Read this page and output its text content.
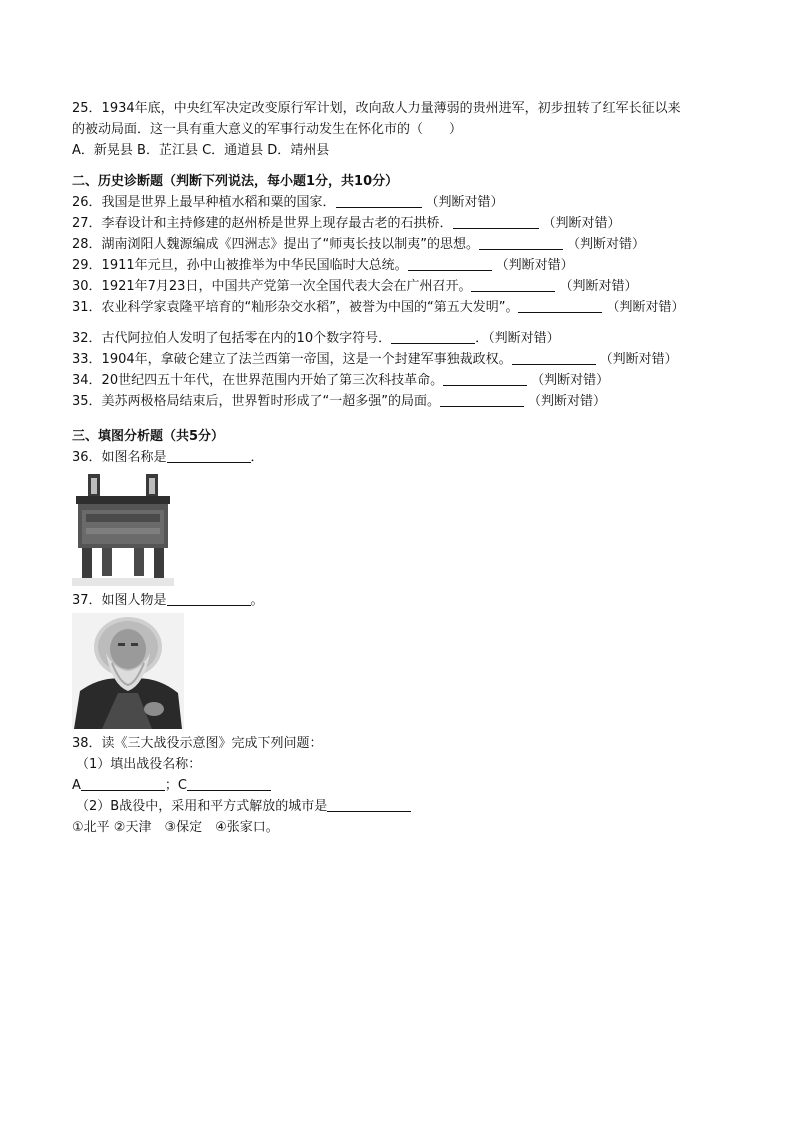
25．1934年底，中央红军决定改变原行军计划，改向敌人力量薄弱的贵州进军，初步扭转了红军长征以来
的被动局面．这一具有重大意义的军事行动发生在怀化市的（　　）
A．新晃县 B．芷江县 C．通道县 D．靖州县
二、历史诊断题（判断下列说法，每小题1分，共10分）
26．我国是世界上最早种植水稻和粟的国家．	（判断对错）
27．李春设计和主持修建的赵州桥是世界上现存最古老的石拱桥．	（判断对错）
28．湖南浏阳人魏源编成《四洲志》提出了“师夷长技以制夷”的思想。	（判断对错）
29．1911年元旦，孙中山被推举为中华民国临时大总统。	（判断对错）
30．1921年7月23日，中国共产党第一次全国代表大会在广州召开。	（判断对错）
31．农业科学家袁隆平培育的“籼形杂交水稻”，被誉为中国的“第五大发明”。	（判断对错）
32．古代阿拉伯人发明了包括零在内的10个数字符号．	．（判断对错）
33．1904年，拿破仑建立了法兰西第一帝国，这是一个封建军事独裁政权。	（判断对错）
34．20世纪四五十年代，在世界范围内开始了第三次科技革命。	（判断对错）
35．美苏两极格局结束后，世界暂时形成了“一超多强”的局面。	（判断对错）
三、填图分析题（共5分）
36．如图名称是	．
37．如图人物是	。
38．读《三大战役示意图》完成下列问题：
（1）填出战役名称：
A	；C
（2）B战役中，采用和平方式解放的城市是
①北平 ②天津　③保定　④张家口。
